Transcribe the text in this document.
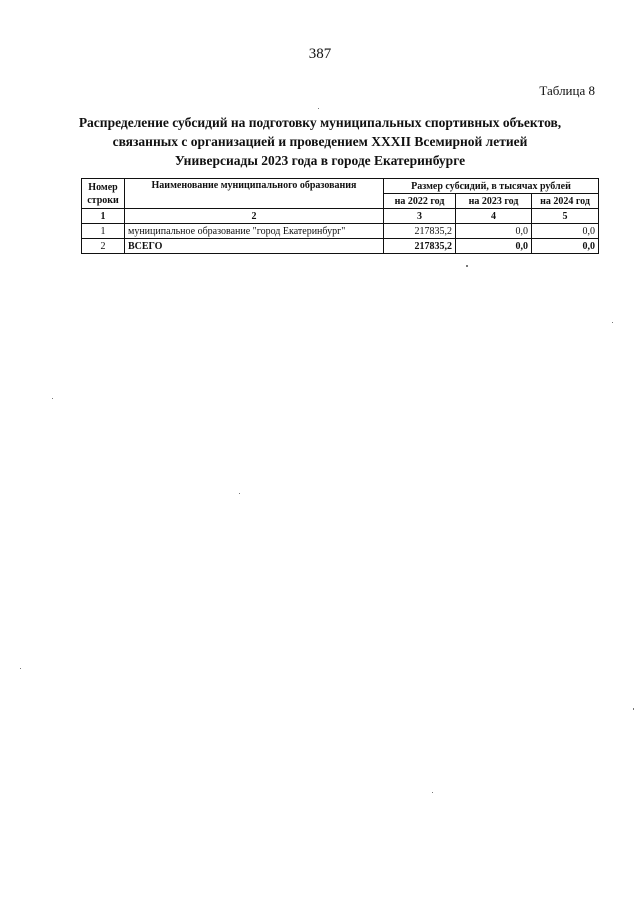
387
Таблица 8
Распределение субсидий на подготовку муниципальных спортивных объектов,
связанных с организацией и проведением XXXII Всемирной летией
Универсиады 2023 года в городе Екатеринбурге
Номер
строки	Наименование муниципального образования	Размер субсидий, в тысячах рублей		
		на 2022 год	на 2023 год	на 2024 год
1	2	3	4	5
1	муниципальное образование "город Екатеринбург"	217835,2	0,0	0,0
2	ВСЕГО	217835,2	0,0	0,0
